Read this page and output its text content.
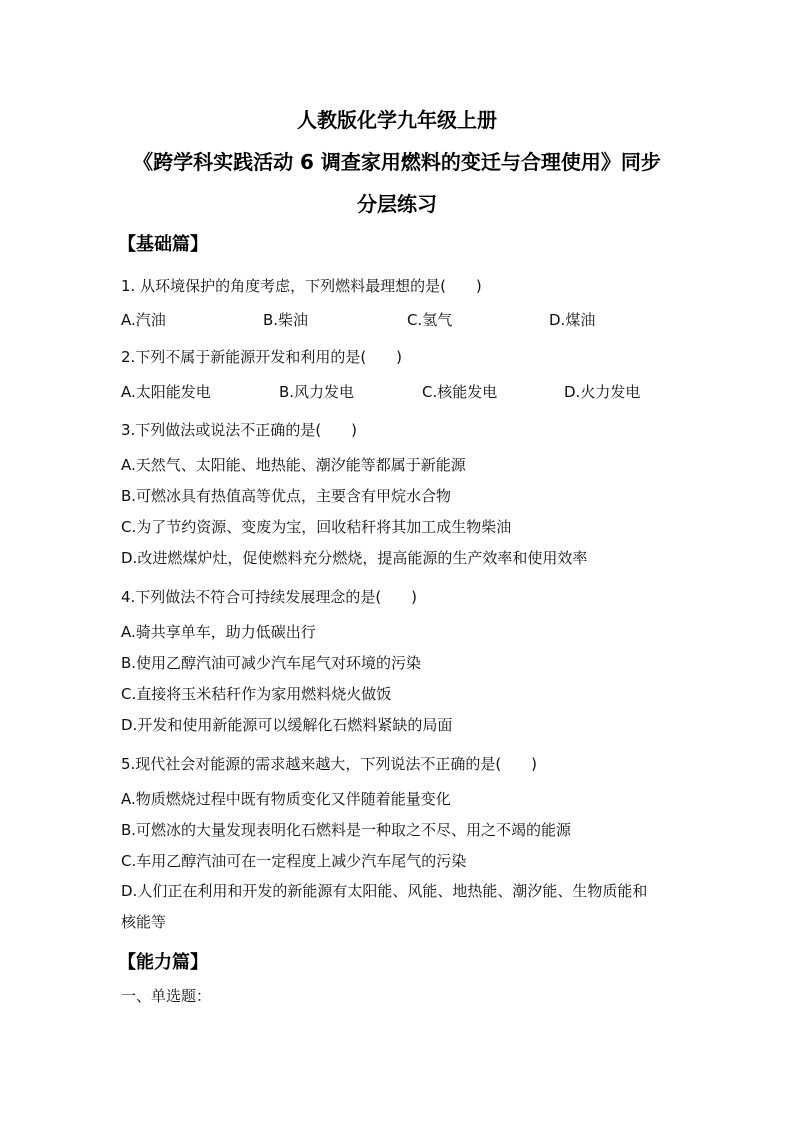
人教版化学九年级上册
《跨学科实践活动 6 调查家用燃料的变迁与合理使用》同步
分层练习
【基础篇】
1. 从环境保护的角度考虑，下列燃料最理想的是(　　)
A.汽油	B.柴油	C.氢气	D.煤油
2.下列不属于新能源开发和利用的是(　　)
A.太阳能发电	B.风力发电	C.核能发电	D.火力发电
3.下列做法或说法不正确的是(　　)
A.天然气、太阳能、地热能、潮汐能等都属于新能源
B.可燃冰具有热值高等优点，主要含有甲烷水合物
C.为了节约资源、变废为宝，回收秸秆将其加工成生物柴油
D.改进燃煤炉灶，促使燃料充分燃烧，提高能源的生产效率和使用效率
4.下列做法不符合可持续发展理念的是(　　)
A.骑共享单车，助力低碳出行
B.使用乙醇汽油可减少汽车尾气对环境的污染
C.直接将玉米秸秆作为家用燃料烧火做饭
D.开发和使用新能源可以缓解化石燃料紧缺的局面
5.现代社会对能源的需求越来越大，下列说法不正确的是(　　)
A.物质燃烧过程中既有物质变化又伴随着能量变化
B.可燃冰的大量发现表明化石燃料是一种取之不尽、用之不竭的能源
C.车用乙醇汽油可在一定程度上减少汽车尾气的污染
D.人们正在利用和开发的新能源有太阳能、风能、地热能、潮汐能、生物质能和
核能等
【能力篇】
一、单选题：
